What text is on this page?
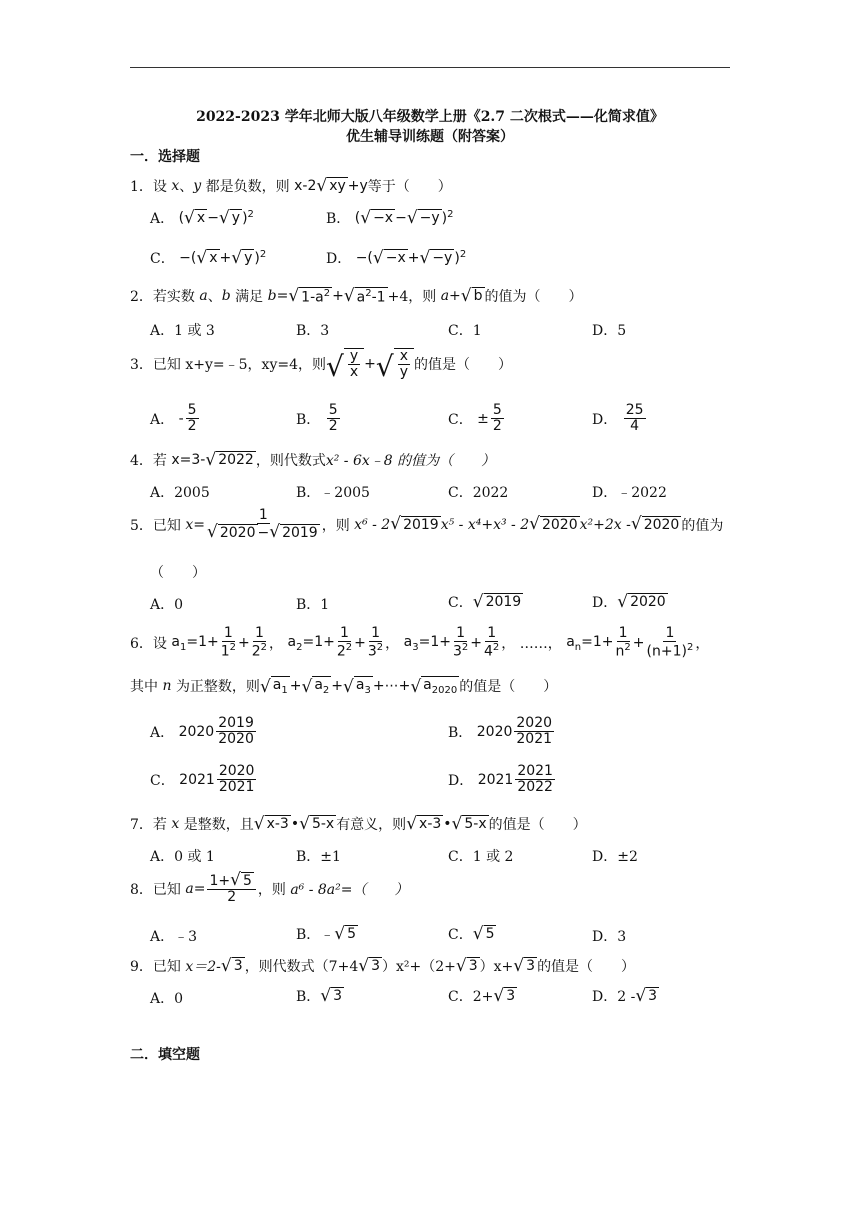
2022-2023 学年北师大版八年级数学上册《2.7 二次根式——化简求值》
优生辅导训练题（附答案）
一．选择题
1． 设
x 、 y
都是负数，则
x-2 √ xy +y 等于（　　）
A．
( √ x − √ y )$^2$	B．
( √ −x − √ −y )$^2$
C．
−( √ x + √ y )$^2$	D．
−( √ −x + √ −y )$^2$
2． 若实数
a 、 b
满足
b = √ $1-a^2$ + √ $a^2-1 +4$，则
a + √ b 的值为（　　）
A．1 或 3	B．3	C．1	D．5
3． 已知
x+y=﹣5，xy=4，则 √ $\frac{y}{x}$ + √ $\frac{x}{y}$ 的值是（　　）
A．
- $\frac{5}{2}$	B．
$\frac{5}{2}$	C．
± $\frac{5}{2}$	D．
$\frac{25}{4}$
4． 若
x=3- √ 2022 ，则代数式 x² - 6x﹣8 的值为（　　）
A．2005	B．﹣2005	C．2022	D．﹣2022
5． 已知
$x= \frac{1}{√ 2020 - √ 2019}$ ，则
x⁶ - 2 √ 2019 x⁵ - x⁴+x³ - 2 √ 2020 x²+2x - √ 2020 的值为
（　　）
A．0	B．1	C． √ 2019	D． √ 2020
6． 设
$a_1=1+ \frac{1}{1^2} + \frac{1}{2^2}$ ， $a_2=1+ \frac{1}{2^2} + \frac{1}{3^2}$ ， $a_3=1+ \frac{1}{3^2} + \frac{1}{4^2}$ ， ……，
$a_n=1+ \frac{1}{n^2} + \frac{1}{(n+1)^2}$ ，
其中
n
为正整数，则 √ $a_1$ + √ $a_2$ + √ $a_3$ +⋯+ √ $a_{2020}$ 的值是（　　）
A．
$2020 \frac{2019}{2020}$	B．
$2020 \frac{2020}{2021}$
C．
$2021 \frac{2020}{2021}$	D．
$2021 \frac{2021}{2022}$
7． 若
x
是整数，且 √ x-3 • √ 5-x 有意义，则 √ x-3 • √ 5-x 的值是（　　）
A．0 或 1	B．±1	C．1 或 2	D．±2
8． 已知
$a= \frac{1+ √ 5}{2}$ ，则
a⁶ - 8a²=（　　）
A．﹣3	B．﹣ √ 5	C． √ 5	D．3
9． 已知
x＝2- √ 3 ，则代数式（7+4 √ 3 ）x²+（2+ √ 3 ）x+ √ 3 的值是（　　）
A．0	B． √ 3	C．2+ √ 3	D．2 - √ 3
二．填空题
